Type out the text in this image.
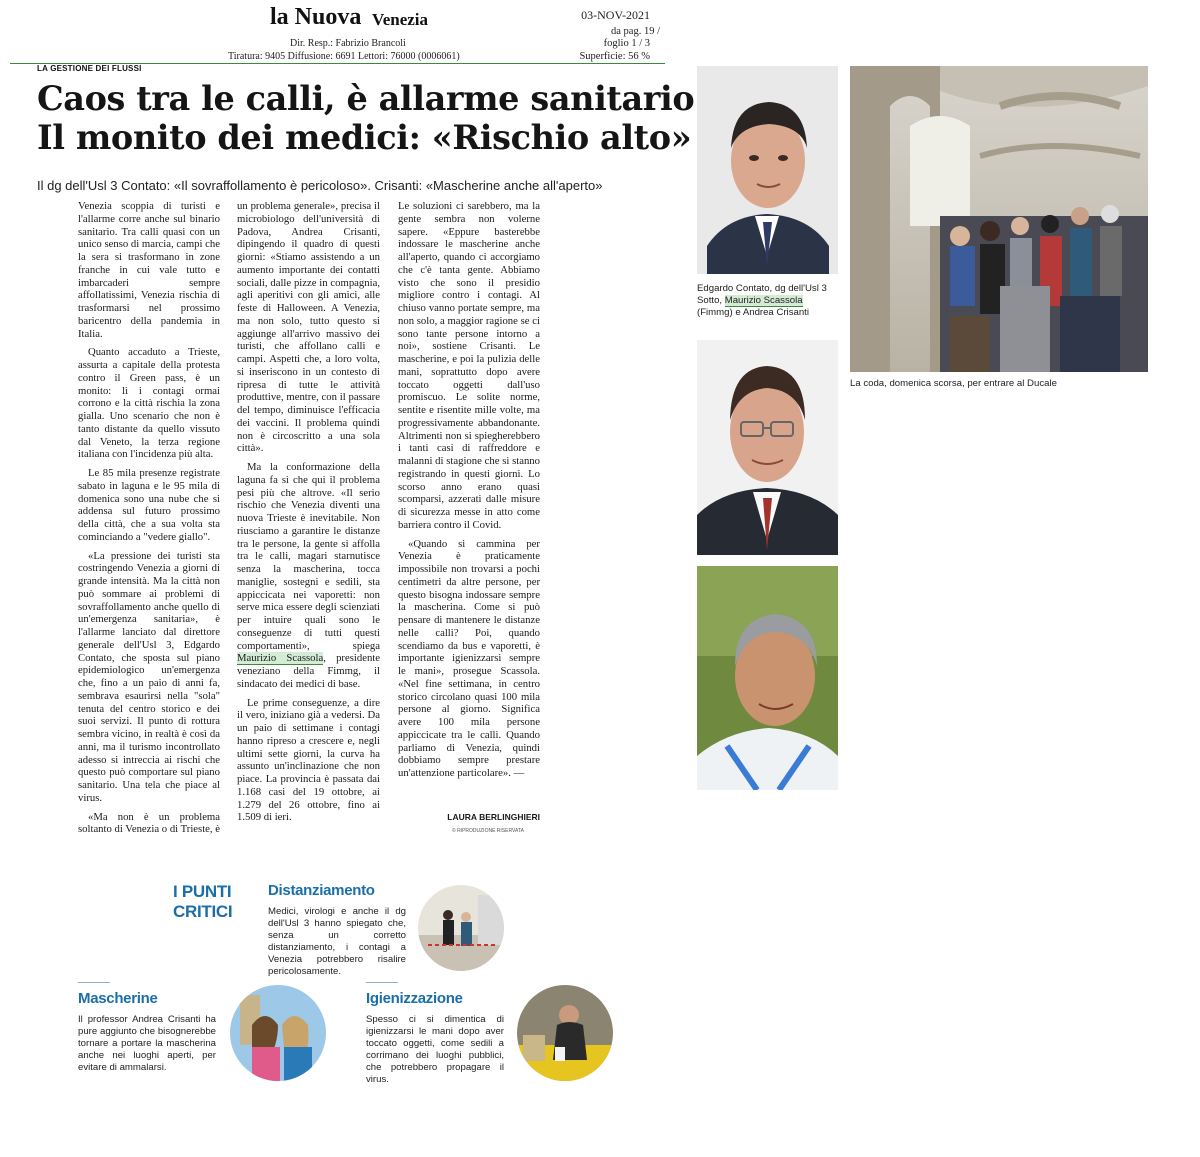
la Nuova Venezia
Dir. Resp.: Fabrizio Brancoli
Tiratura: 9405 Diffusione: 6691 Lettori: 76000 (0006061)
03-NOV-2021
da pag. 19 /
foglio 1 / 3
Superficie: 56 %
LA GESTIONE DEI FLUSSI
Caos tra le calli, è allarme sanitario
Il monito dei medici: «Rischio alto»
Il dg dell'Usl 3 Contato: «Il sovraffollamento è pericoloso». Crisanti: «Mascherine anche all'aperto»

Venezia scoppia di turisti e l'allarme corre anche sul binario sanitario. Tra calli quasi con un unico senso di marcia, campi che la sera si trasformano in zone franche in cui vale tutto e imbarcaderi sempre affollatissimi, Venezia rischia di trasformarsi nel prossimo baricentro della pandemia in Italia.

Quanto accaduto a Trieste, assurta a capitale della protesta contro il Green pass, è un monito: lì i contagi ormai corrono e la città rischia la zona gialla. Uno scenario che non è tanto distante da quello vissuto dal Veneto, la terza regione italiana con l'incidenza più alta.

Le 85 mila presenze registrate sabato in laguna e le 95 mila di domenica sono una nube che si addensa sul futuro prossimo della città, che a sua volta sta cominciando a "vedere giallo".

«La pressione dei turisti sta costringendo Venezia a giorni di grande intensità. Ma la città non può sommare ai problemi di sovraffollamento anche quello di un'emergenza sanitaria», è l'allarme lanciato dal direttore generale dell'Usl 3, Edgardo Contato, che sposta sul piano epidemiologico un'emergenza che, fino a un paio di anni fa, sembrava esaurirsi nella "sola" tenuta del centro storico e dei suoi servizi. Il punto di rottura sembra vicino, in realtà è così da anni, ma il turismo incontrollato adesso si intreccia ai rischi che questo può comportare sul piano sanitario. Una tela che piace al virus.

«Ma non è un problema soltanto di Venezia o di Trieste, è

un problema generale», precisa il microbiologo dell'università di Padova, Andrea Crisanti, dipingendo il quadro di questi giorni: «Stiamo assistendo a un aumento importante dei contatti sociali, dalle pizze in compagnia, agli aperitivi con gli amici, alle feste di Halloween. A Venezia, ma non solo, tutto questo si aggiunge all'arrivo massivo dei turisti, che affollano calli e campi. Aspetti che, a loro volta, si inseriscono in un contesto di ripresa di tutte le attività produttive, mentre, con il passare del tempo, diminuisce l'efficacia dei vaccini. Il problema quindi non è circoscritto a una sola città».

Ma la conformazione della laguna fa sì che qui il problema pesi più che altrove. «Il serio rischio che Venezia diventi una nuova Trieste è inevitabile. Non riusciamo a garantire le distanze tra le persone, la gente si affolla tra le calli, magari starnutisce senza la mascherina, tocca maniglie, sostegni e sedili, sta appiccicata nei vaporetti: non serve mica essere degli scienziati per intuire quali sono le conseguenze di tutti questi comportamenti», spiega Maurizio Scassola, presidente veneziano della Fimmg, il sindacato dei medici di base.

Le prime conseguenze, a dire il vero, iniziano già a vedersi. Da un paio di settimane i contagi hanno ripreso a crescere e, negli ultimi sette giorni, la curva ha assunto un'inclinazione che non piace. La provincia è passata dai 1.168 casi del 19 ottobre, ai 1.279 del 26 ottobre, fino ai 1.509 di ieri.

Le soluzioni ci sarebbero, ma la gente sembra non volerne sapere. «Eppure basterebbe indossare le mascherine anche all'aperto, quando ci accorgiamo che c'è tanta gente. Abbiamo visto che sono il presidio migliore contro i contagi. Al chiuso vanno portate sempre, ma non solo, a maggior ragione se ci sono tante persone intorno a noi», sostiene Crisanti. Le mascherine, e poi la pulizia delle mani, soprattutto dopo avere toccato oggetti dall'uso promiscuo. Le solite norme, sentite e risentite mille volte, ma progressivamente abbandonante. Altrimenti non si spiegherebbero i tanti casi di raffreddore e malanni di stagione che si stanno registrando in questi giorni. Lo scorso anno erano quasi scomparsi, azzerati dalle misure di sicurezza messe in atto come barriera contro il Covid.

«Quando si cammina per Venezia è praticamente impossibile non trovarsi a pochi centimetri da altre persone, per questo bisogna indossare sempre la mascherina. Come si può pensare di mantenere le distanze nelle calli? Poi, quando scendiamo da bus e vaporetti, è importante igienizzarsi sempre le mani», prosegue Scassola. «Nel fine settimana, in centro storico circolano quasi 100 mila persone al giorno. Significa avere 100 mila persone appiccicate tra le calli. Quando parliamo di Venezia, quindi dobbiamo sempre prestare un'attenzione particolare». —

LAURA BERLINGHIERI
© RIPRODUZIONE RISERVATA
Edgardo Contato, dg dell'Usl 3
Sotto, Maurizio Scassola
(Fimmg) e Andrea Crisanti
La coda, domenica scorsa, per entrare al Ducale
I PUNTI
CRITICI
Distanziamento
Medici, virologi e anche il dg dell'Usl 3 hanno spiegato che, senza un corretto distanziamento, i contagi a Venezia potrebbero risalire pericolosamente.
Mascherine
Il professor Andrea Crisanti ha pure aggiunto che bisognerebbe tornare a portare la mascherina anche nei luoghi aperti, per evitare di ammalarsi.
Igienizzazione
Spesso ci si dimentica di igienizzarsi le mani dopo aver toccato oggetti, come sedili a corrimano dei luoghi pubblici, che potrebbero propagare il virus.
